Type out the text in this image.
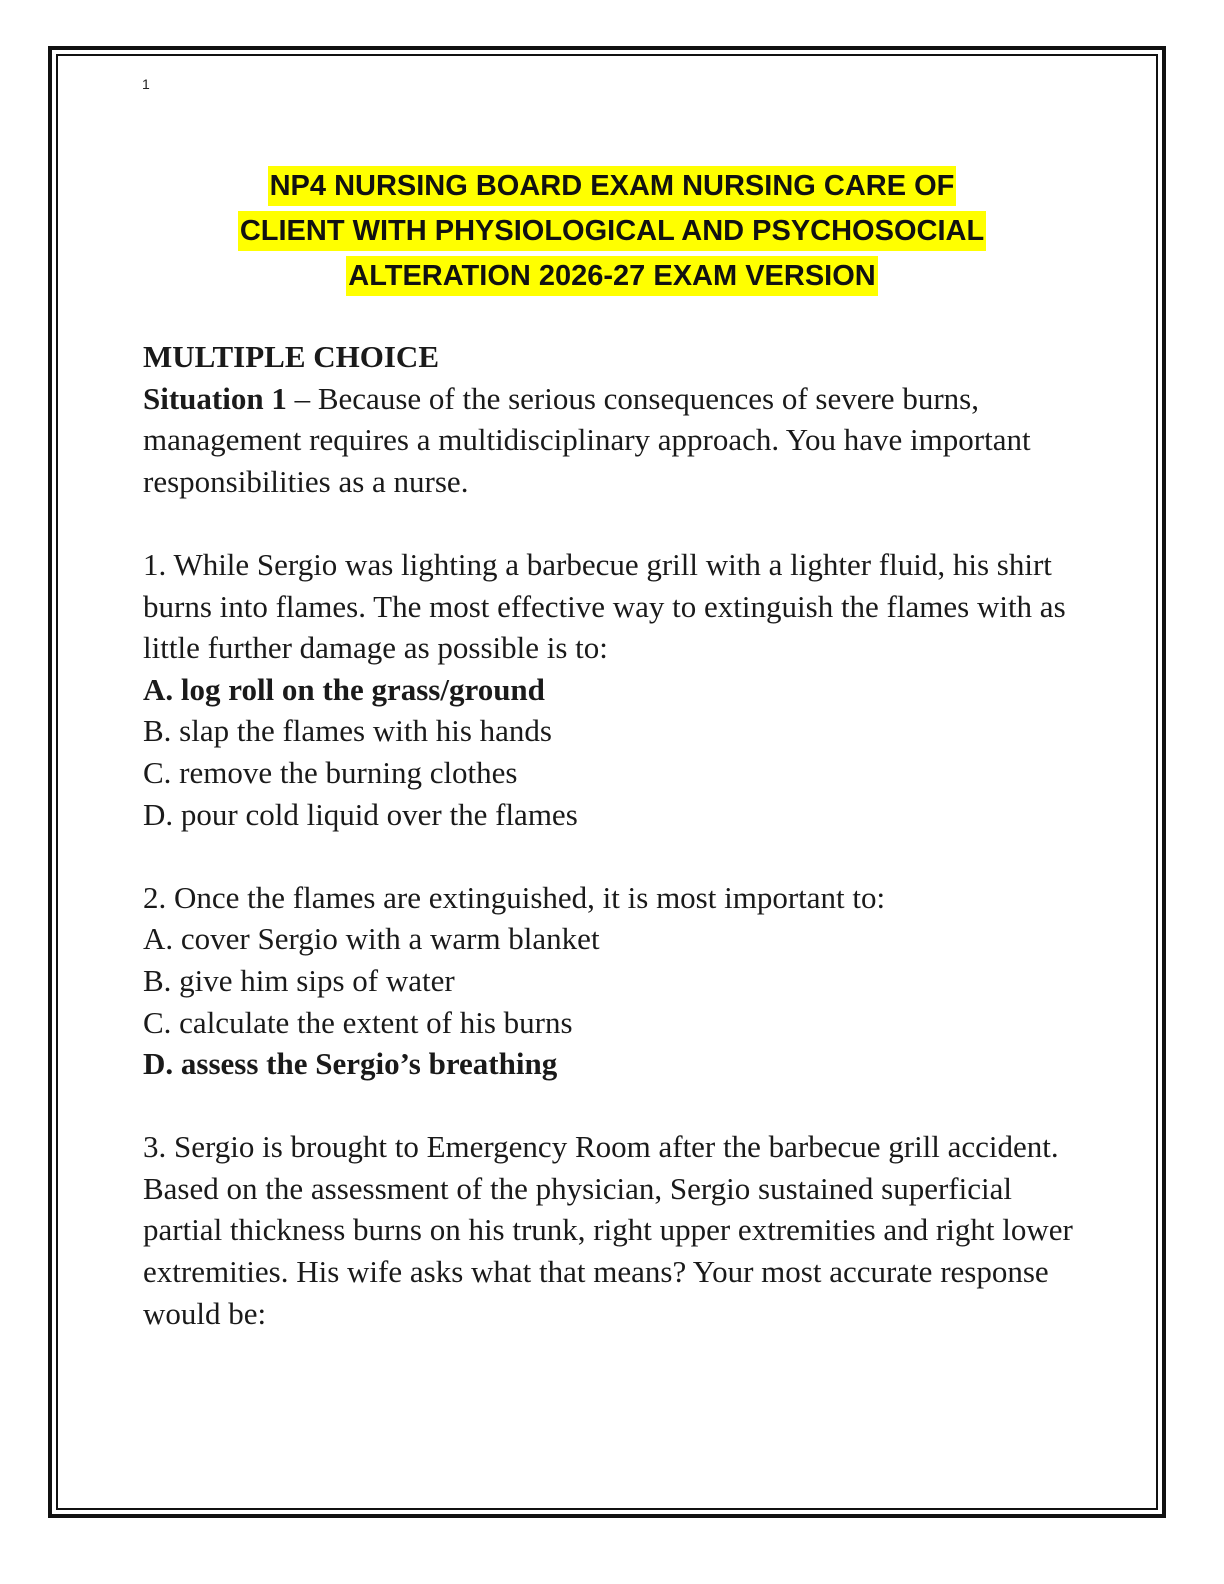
1
NP4 NURSING BOARD EXAM NURSING CARE OF
CLIENT WITH PHYSIOLOGICAL AND PSYCHOSOCIAL
ALTERATION 2026-27 EXAM VERSION

MULTIPLE CHOICE

Situation 1 – Because of the serious consequences of severe burns, management requires a multidisciplinary approach. You have important responsibilities as a nurse.

1. While Sergio was lighting a barbecue grill with a lighter fluid, his shirt burns into flames. The most effective way to extinguish the flames with as little further damage as possible is to:

A. log roll on the grass/ground

B. slap the flames with his hands

C. remove the burning clothes

D. pour cold liquid over the flames

2. Once the flames are extinguished, it is most important to:

A. cover Sergio with a warm blanket

B. give him sips of water

C. calculate the extent of his burns

D. assess the Sergio’s breathing

3. Sergio is brought to Emergency Room after the barbecue grill accident. Based on the assessment of the physician, Sergio sustained superficial partial thickness burns on his trunk, right upper extremities and right lower extremities. His wife asks what that means? Your most accurate response would be:
